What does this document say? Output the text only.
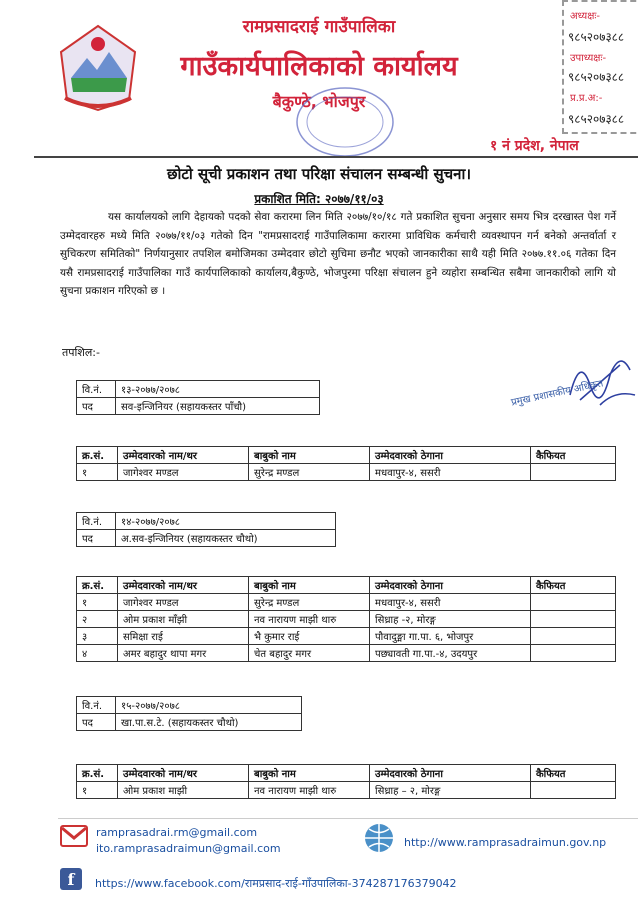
रामप्रसादराई गाउँपालिका
गाउँकार्यपालिकाको कार्यालय
बैकुण्ठे, भोजपुर
अध्यक्षः-
९८५२०७३८८
उपाध्यक्षः-
९८५२०७३८८
प्र.प्र.अ:-
९८५२०७३८८
१ नं प्रदेश, नेपाल
छोटो सूची प्रकाशन तथा परिक्षा संचालन सम्बन्धी सुचना।
प्रकाशित मिति: २०७७/११/०३
यस कार्यालयको लागि देहायको पदको सेवा करारमा लिन मिति २०७७/१०/१८ गते प्रकाशित सुचना अनुसार समय भित्र दरखास्त पेश गर्ने उम्मेदवारहरु मध्ये मिति २०७७/११/०३ गतेको दिन "रामप्रसादराई गाउँपालिकामा करारमा प्राविधिक कर्मचारी व्यवस्थापन गर्न बनेको अन्तर्वार्ता र सुचिकरण समितिको" निर्णयानुसार तपशिल बमोजिमका उम्मेदवार छोटो सुचिमा छनौट भएको जानकारीका साथै यही मिति २०७७.११.०६ गतेका दिन यसै रामप्रसादराई गाउँपालिका गाउँ कार्यपालिकाको कार्यालय,बैकुण्ठे, भोजपुरमा परिक्षा संचालन हुने व्यहोरा सम्बन्धित सबैमा जानकारीको लागि यो सुचना प्रकाशन गरिएको छ ।
तपशिल:-
प्रमुख प्रशासकीय अधिकृत
वि.नं.	१३-२०७७/२०७८
पद	सव-इन्जिनियर (सहायकस्तर पाँचौ)
क्र.सं.	उम्मेदवारको नाम/थर	बाबुको नाम	उम्मेदवारको ठेगाना	कैफियत
१	जागेश्वर मण्डल	सुरेन्द्र मण्डल	मधवापुर-४, ससरी	
वि.नं.	१४-२०७७/२०७८
पद	अ.सव-इन्जिनियर (सहायकस्तर चौथो)
क्र.सं.	उम्मेदवारको नाम/थर	बाबुको नाम	उम्मेदवारको ठेगाना	कैफियत
१	जागेश्वर मण्डल	सुरेन्द्र मण्डल	मधवापुर-४, ससरी	
२	ओम प्रकाश माँझी	नव नारायण माझी थारु	सिध्राह -२, मोरङ्ग	
३	समिक्षा राई	भै कुमार राई	पौवादुङ्मा गा.पा. ६, भोजपुर	
४	अमर बहादुर थापा मगर	चेत बहादुर मगर	पछ्यावती गा.पा.-४, उदयपुर	
वि.नं.	१५-२०७७/२०७८
पद	खा.पा.स.टे. (सहायकस्तर चौथो)
क्र.सं.	उम्मेदवारको नाम/थर	बाबुको नाम	उम्मेदवारको ठेगाना	कैफियत
१	ओम प्रकाश माझी	नव नारायण माझी थारु	सिध्राह – २, मोरङ्ग	
ramprasadrai.rm@gmail.com
ito.ramprasadraimun@gmail.com	http://www.ramprasadraimun.gov.np
f	https://www.facebook.com/रामप्रसाद-राई-गाँउपालिका-374287176379042
